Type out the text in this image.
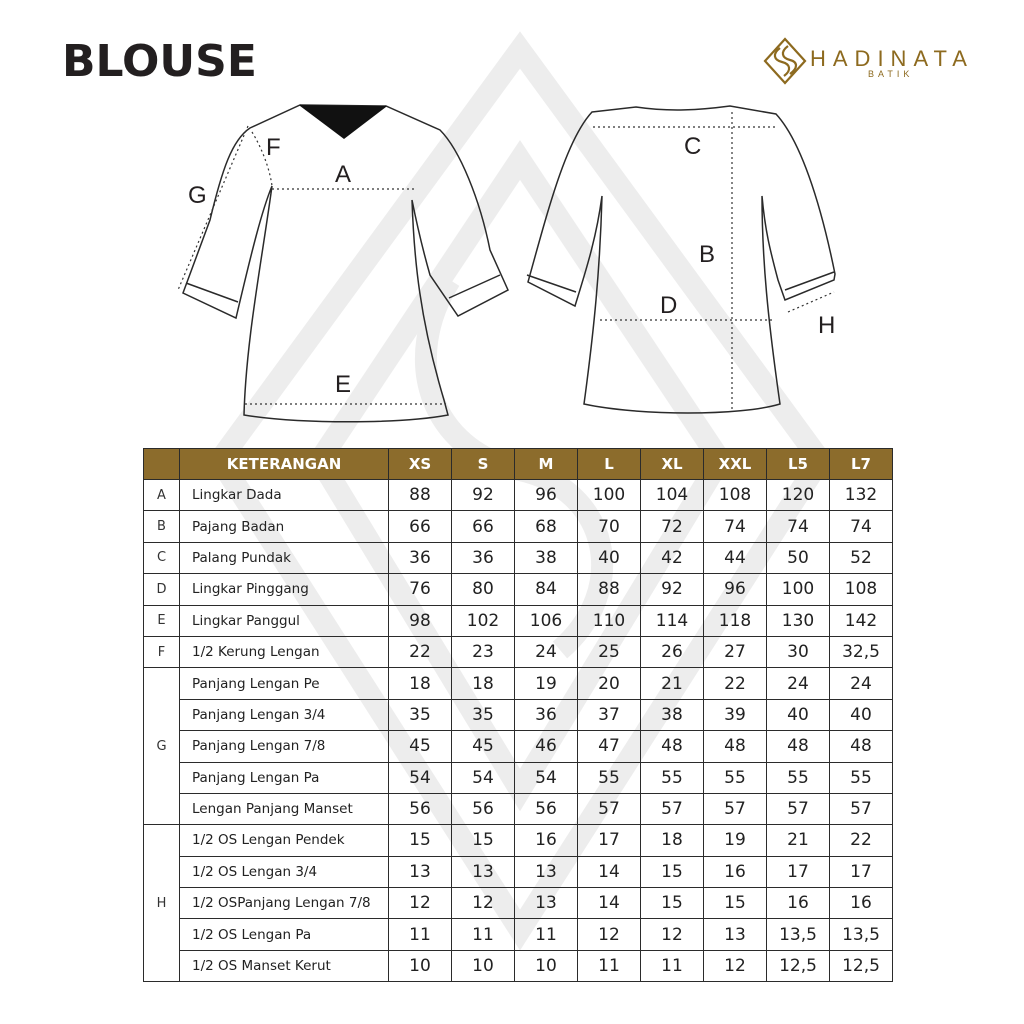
BLOUSE	HADINATA
BATIK
F
A
G
E
C
B
D
H
	KETERANGAN	XS	S	M	L	XL	XXL	L5	L7
A	Lingkar Dada	88	92	96	100	104	108	120	132
B	Pajang Badan	66	66	68	70	72	74	74	74
C	Palang Pundak	36	36	38	40	42	44	50	52
D	Lingkar Pinggang	76	80	84	88	92	96	100	108
E	Lingkar Panggul	98	102	106	110	114	118	130	142
F	1/2 Kerung Lengan	22	23	24	25	26	27	30	32,5
G	Panjang Lengan Pe	18	18	19	20	21	22	24	24
	Panjang Lengan 3/4	35	35	36	37	38	39	40	40
	Panjang Lengan 7/8	45	45	46	47	48	48	48	48
	Panjang Lengan Pa	54	54	54	55	55	55	55	55
	Lengan Panjang Manset	56	56	56	57	57	57	57	57
H	1/2 OS Lengan Pendek	15	15	16	17	18	19	21	22
	1/2 OS Lengan 3/4	13	13	13	14	15	16	17	17
	1/2 OSPanjang Lengan 7/8	12	12	13	14	15	15	16	16
	1/2 OS Lengan Pa	11	11	11	12	12	13	13,5	13,5
	1/2 OS Manset Kerut	10	10	10	11	11	12	12,5	12,5
